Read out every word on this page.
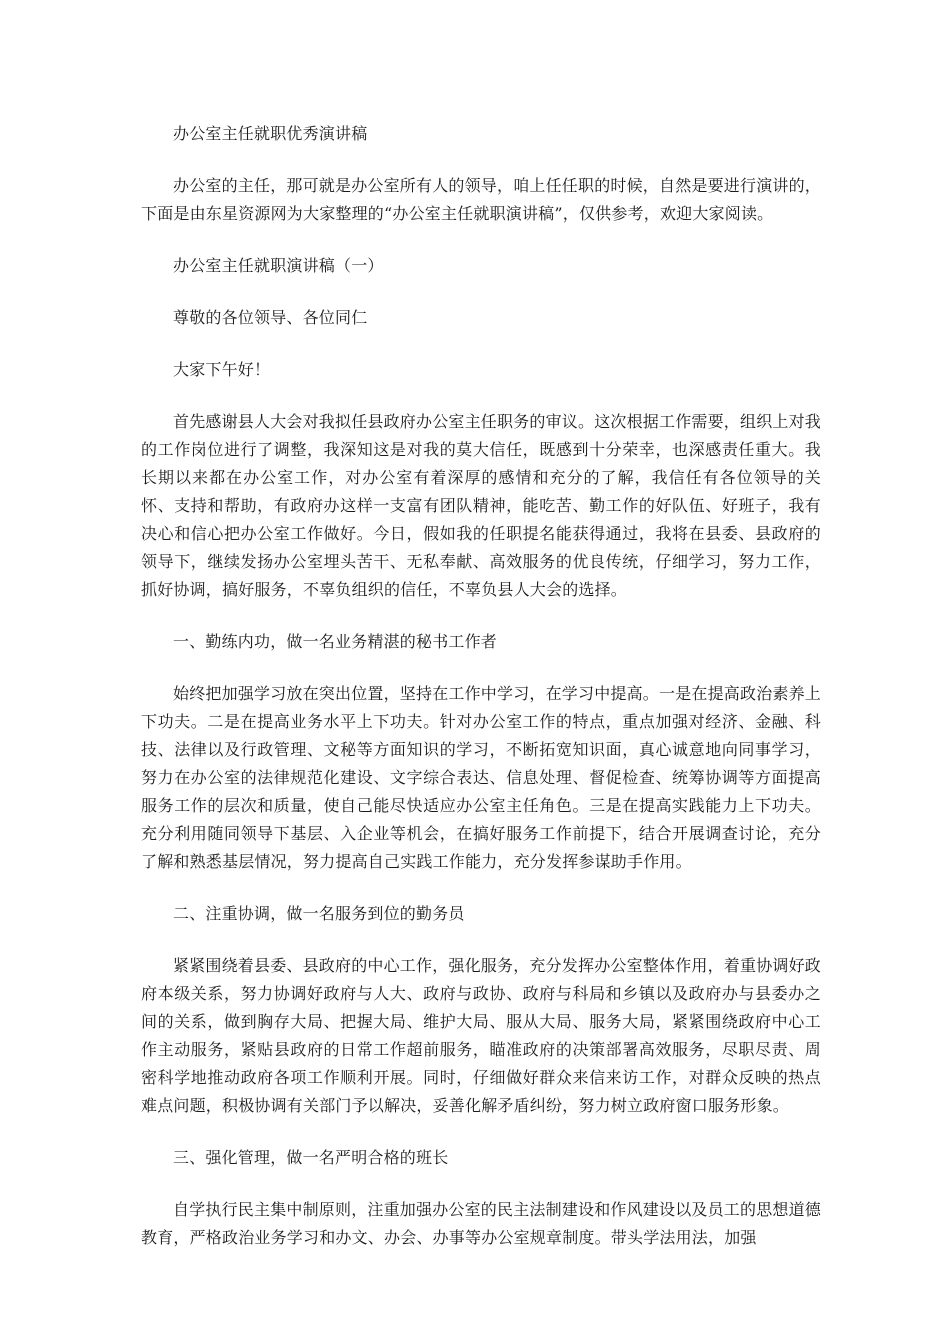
办公室主任就职优秀演讲稿

办公室的主任，那可就是办公室所有人的领导，咱上任任职的时候，自然是要进行演讲的，下面是由东星资源网为大家整理的“办公室主任就职演讲稿”，仅供参考，欢迎大家阅读。

办公室主任就职演讲稿（一）

尊敬的各位领导、各位同仁

大家下午好！

首先感谢县人大会对我拟任县政府办公室主任职务的审议。这次根据工作需要，组织上对我的工作岗位进行了调整，我深知这是对我的莫大信任，既感到十分荣幸，也深感责任重大。我长期以来都在办公室工作，对办公室有着深厚的感情和充分的了解，我信任有各位领导的关怀、支持和帮助，有政府办这样一支富有团队精神，能吃苦、勤工作的好队伍、好班子，我有决心和信心把办公室工作做好。今日，假如我的任职提名能获得通过，我将在县委、县政府的领导下，继续发扬办公室埋头苦干、无私奉献、高效服务的优良传统，仔细学习，努力工作，抓好协调，搞好服务，不辜负组织的信任，不辜负县人大会的选择。

一、勤练内功，做一名业务精湛的秘书工作者

始终把加强学习放在突出位置，坚持在工作中学习，在学习中提高。一是在提高政治素养上下功夫。二是在提高业务水平上下功夫。针对办公室工作的特点，重点加强对经济、金融、科技、法律以及行政管理、文秘等方面知识的学习，不断拓宽知识面，真心诚意地向同事学习，努力在办公室的法律规范化建设、文字综合表达、信息处理、督促检查、统筹协调等方面提高服务工作的层次和质量，使自己能尽快适应办公室主任角色。三是在提高实践能力上下功夫。充分利用随同领导下基层、入企业等机会，在搞好服务工作前提下，结合开展调查讨论，充分了解和熟悉基层情况，努力提高自己实践工作能力，充分发挥参谋助手作用。

二、注重协调，做一名服务到位的勤务员

紧紧围绕着县委、县政府的中心工作，强化服务，充分发挥办公室整体作用，着重协调好政府本级关系，努力协调好政府与人大、政府与政协、政府与科局和乡镇以及政府办与县委办之间的关系，做到胸存大局、把握大局、维护大局、服从大局、服务大局，紧紧围绕政府中心工作主动服务，紧贴县政府的日常工作超前服务，瞄准政府的决策部署高效服务，尽职尽责、周密科学地推动政府各项工作顺利开展。同时，仔细做好群众来信来访工作，对群众反映的热点难点问题，积极协调有关部门予以解决，妥善化解矛盾纠纷，努力树立政府窗口服务形象。

三、强化管理，做一名严明合格的班长

自学执行民主集中制原则，注重加强办公室的民主法制建设和作风建设以及员工的思想道德教育，严格政治业务学习和办文、办会、办事等办公室规章制度。带头学法用法，加强
